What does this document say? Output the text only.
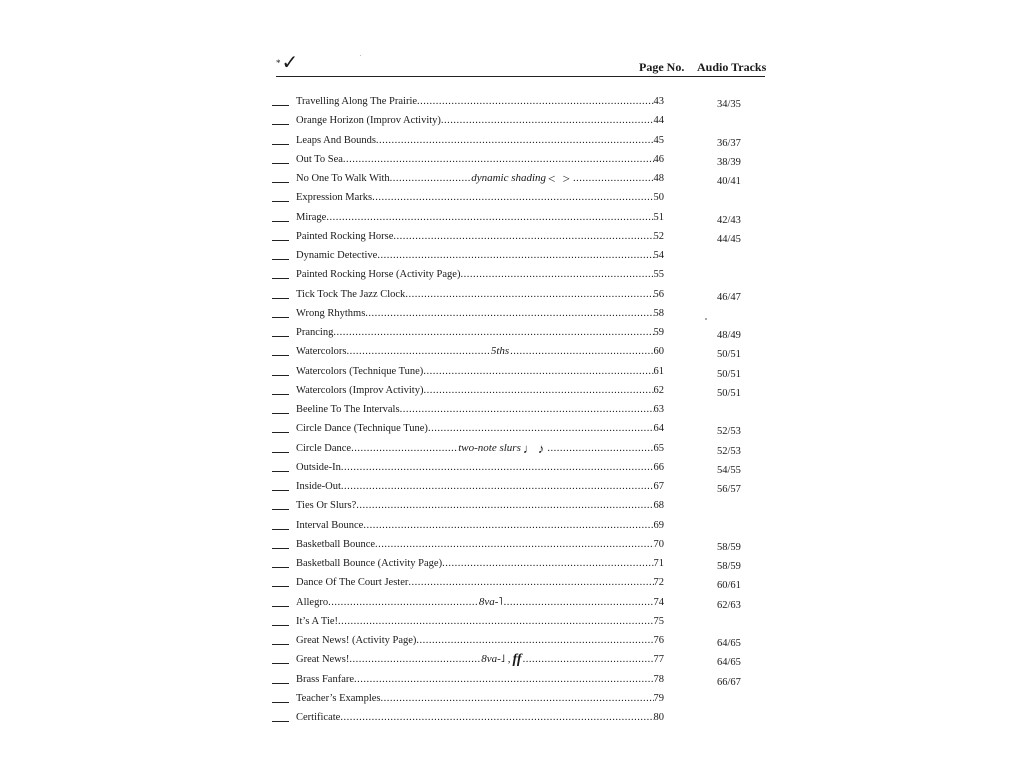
*✓	Page No. Audio Tracks
Travelling Along The Prairie .....	43	34/35
Orange Horizon (Improv Activity) .....	44
Leaps And Bounds .....	45	36/37
Out To Sea .....	46	38/39
No One To Walk With .....	dynamic shading < > .....	48	40/41
Expression Marks .....	50
Mirage .....	51	42/43
Painted Rocking Horse .....	52	44/45
Dynamic Detective .....	54
Painted Rocking Horse (Activity Page) .....	55
Tick Tock The Jazz Clock .....	56	46/47
Wrong Rhythms .....	58
Prancing .....	59	48/49
Watercolors .....	5ths .....	60	50/51
Watercolors (Technique Tune) .....	61	50/51
Watercolors (Improv Activity) .....	62	50/51
Beeline To The Intervals .....	63
Circle Dance (Technique Tune) .....	64	52/53
Circle Dance .....	two-note slurs ♩♪ .....	65	52/53
Outside-In .....	66	54/55
Inside-Out .....	67	56/57
Ties Or Slurs? .....	68
Interval Bounce .....	69
Basketball Bounce .....	70	58/59
Basketball Bounce (Activity Page) .....	71	58/59
Dance Of The Court Jester .....	72	60/61
Allegro .....	8va-˥ .....	74	62/63
It’s A Tie! .....	75
Great News! (Activity Page) .....	76	64/65
Great News! .....	8va-˩ , ff .....	77	64/65
Brass Fanfare .....	78	66/67
Teacher’s Examples .....	79
Certificate .....	80
